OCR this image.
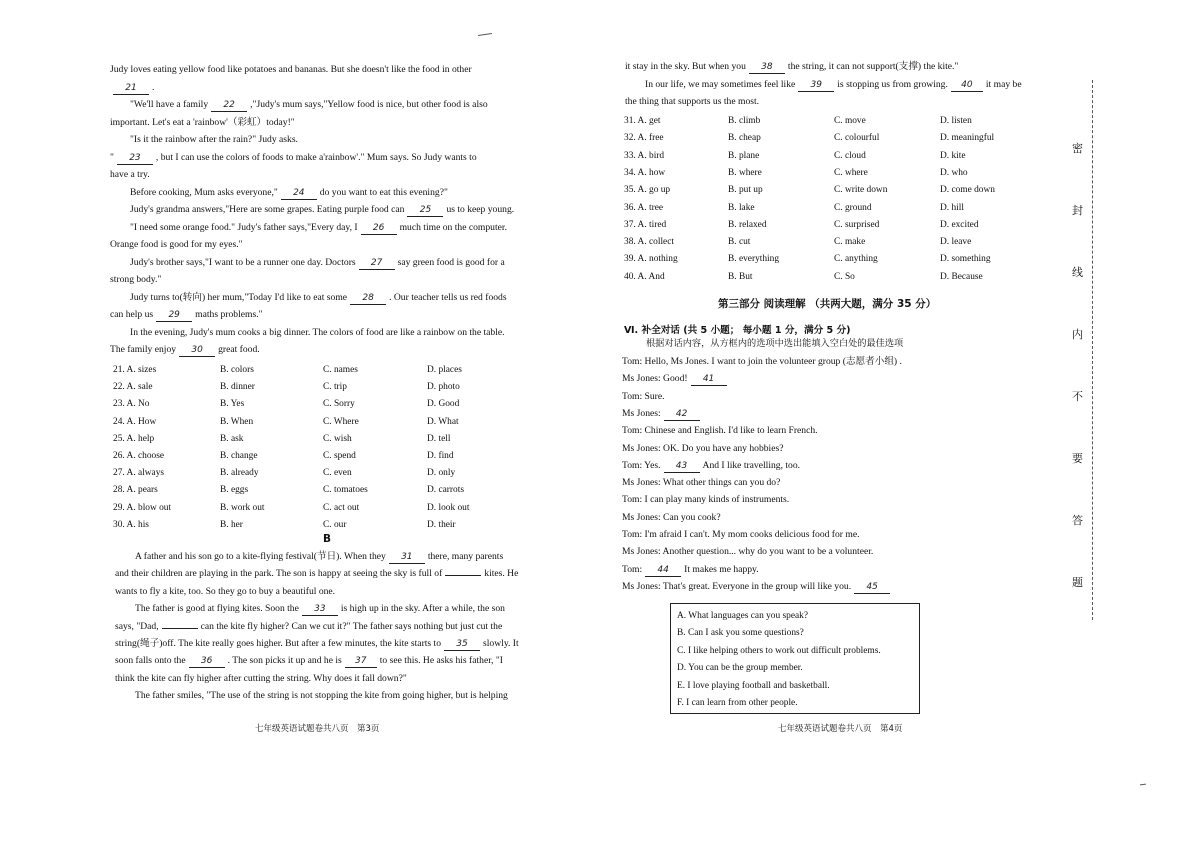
七年级英语试题卷共八页　第3页	七年级英语试题卷共八页　第4页
B
第三部分 阅读理解 （共两大题，满分 35 分）
Ⅵ. 补全对话 (共 5 小题； 每小题 1 分，满分 5 分)
根据对话内容，从方框内的选项中选出能填入空白处的最佳选项
Judy loves eating yellow food like potatoes and bananas. But she doesn't like the food in other
21 .
"We'll have a family 22 ,"Judy's mum says,"Yellow food is nice, but other food is also
important. Let's eat a 'rainbow'（彩虹）today!"
"Is it the rainbow after the rain?" Judy asks.
" 23 , but I can use the colors of foods to make a'rainbow'." Mum says. So Judy wants to
have a try.
Before cooking, Mum asks everyone," 24 do you want to eat this evening?"
Judy's grandma answers,"Here are some grapes. Eating purple food can 25 us to keep young.
"I need some orange food." Judy's father says,"Every day, I 26 much time on the computer.
Orange food is good for my eyes."
Judy's brother says,"I want to be a runner one day. Doctors 27 say green food is good for a
strong body."
Judy turns to(转向) her mum,"Today I'd like to eat some 28 . Our teacher tells us red foods
can help us 29 maths problems."
In the evening, Judy's mum cooks a big dinner. The colors of food are like a rainbow on the table.
The family enjoy 30 great food.
21. A. sizes	B. colors	C. names	D. places
22. A. sale	B. dinner	C. trip	D. photo
23. A. No	B. Yes	C. Sorry	D. Good
24. A. How	B. When	C. Where	D. What
25. A. help	B. ask	C. wish	D. tell
26. A. choose	B. change	C. spend	D. find
27. A. always	B. already	C. even	D. only
28. A. pears	B. eggs	C. tomatoes	D. carrots
29. A. blow out	B. work out	C. act out	D. look out
30. A. his	B. her	C. our	D. their
A father and his son go to a kite-flying festival(节日). When they 31 there, many parents
and their children are playing in the park. The son is happy at seeing the sky is full of	kites. He
wants to fly a kite, too. So they go to buy a beautiful one.
The father is good at flying kites. Soon the 33 is high up in the sky. After a while, the son
says, "Dad,	can the kite fly higher? Can we cut it?" The father says nothing but just cut the
string(绳子)off. The kite really goes higher. But after a few minutes, the kite starts to 35 slowly. It
soon falls onto the 36 . The son picks it up and he is 37 to see this. He asks his father, "I
think the kite can fly higher after cutting the string. Why does it fall down?"
The father smiles, "The use of the string is not stopping the kite from going higher, but is helping
it stay in the sky. But when you 38 the string, it can not support(支撑) the kite."
In our life, we may sometimes feel like 39 is stopping us from growing. 40 it may be
the thing that supports us the most.
31. A. get	B. climb	C. move	D. listen
32. A. free	B. cheap	C. colourful	D. meaningful
33. A. bird	B. plane	C. cloud	D. kite
34. A. how	B. where	C. where	D. who
35. A. go up	B. put up	C. write down	D. come down
36. A. tree	B. lake	C. ground	D. hill
37. A. tired	B. relaxed	C. surprised	D. excited
38. A. collect	B. cut	C. make	D. leave
39. A. nothing	B. everything	C. anything	D. something
40. A. And	B. But	C. So	D. Because
Tom: Hello, Ms Jones. I want to join the volunteer group (志愿者小组) .
Ms Jones: Good! 41
Tom: Sure.
Ms Jones: 42
Tom: Chinese and English. I'd like to learn French.
Ms Jones: OK. Do you have any hobbies?
Tom: Yes. 43 And I like travelling, too.
Ms Jones: What other things can you do?
Tom: I can play many kinds of instruments.
Ms Jones: Can you cook?
Tom: I'm afraid I can't. My mom cooks delicious food for me.
Ms Jones: Another question... why do you want to be a volunteer.
Tom: 44 It makes me happy.
Ms Jones: That's great. Everyone in the group will like you. 45
A. What languages can you speak?
B. Can I ask you some questions?
C. I like helping others to work out difficult problems.
D. You can be the group member.
E. I love playing football and basketball.
F. I can learn from other people.
密
封
线
内
不
要
答
题
